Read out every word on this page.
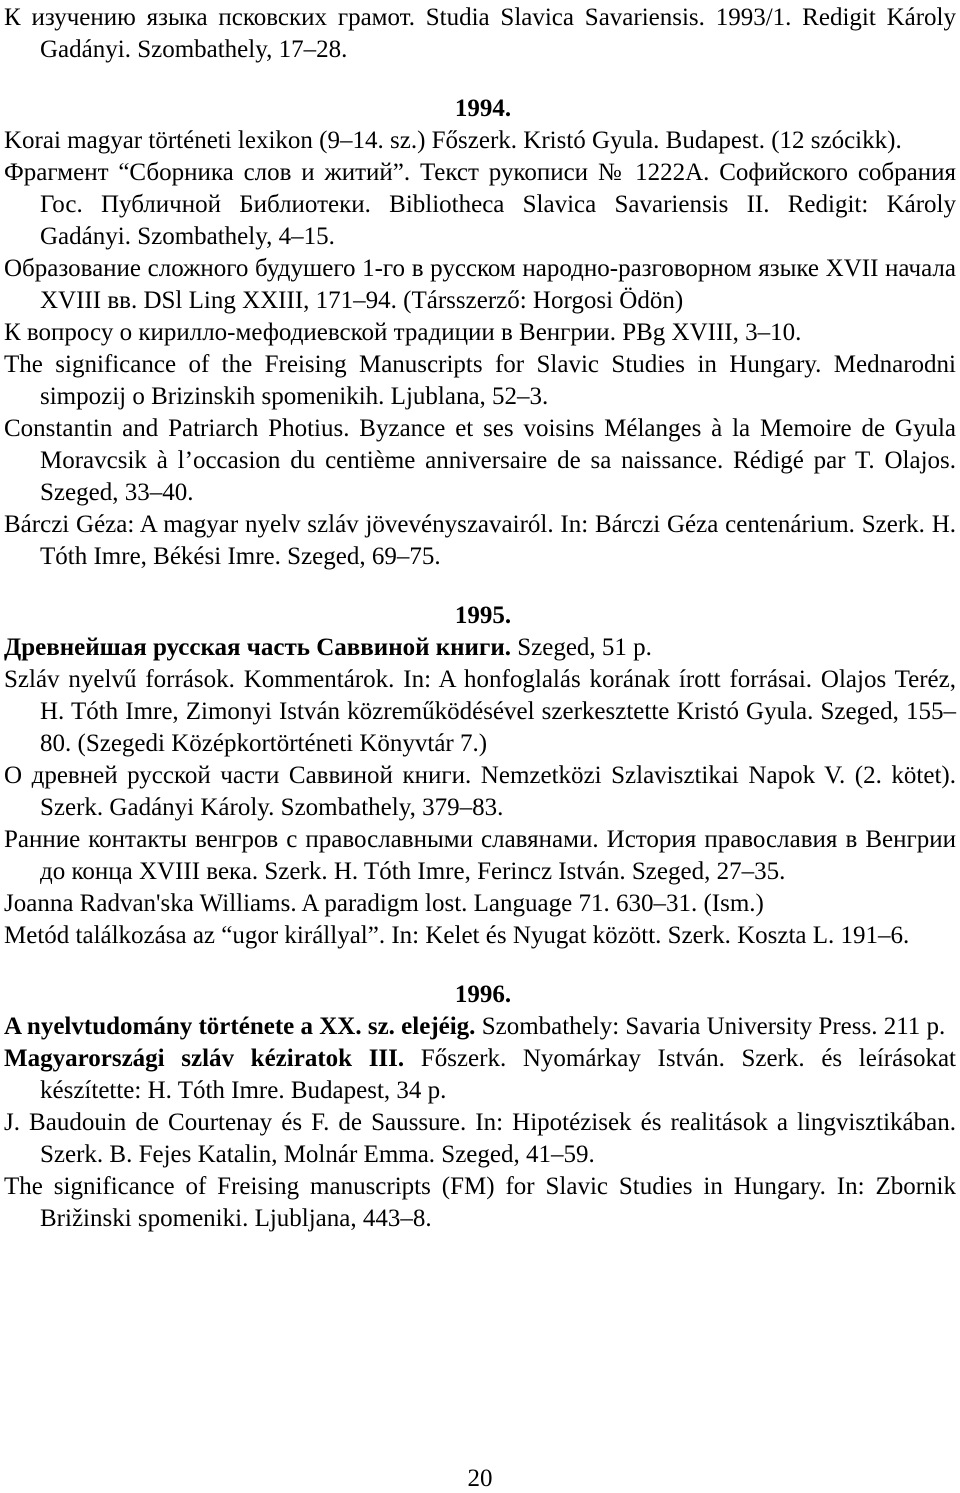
К изучению языка псковских грамот. Studia Slavica Savariensis. 1993/1. Redigit Károly Gadányi. Szombathely, 17–28.

1994.

Korai magyar történeti lexikon (9–14. sz.) Főszerk. Kristó Gyula. Budapest. (12 szócikk).

Фрагмент “Сборника слов и житий”. Текст рукописи № 1222A. Софийского собрания Гос. Публичной Библиотеки. Bibliotheca Slavica Savariensis II. Redigit: Károly Gadányi. Szombathely, 4–15.

Образование сложного будушего 1-го в русском народно-разговорном языке XVII начала XVIII вв. DSl Ling XXIII, 171–94. (Társszerző: Horgosi Ödön)

К вопросу о кирилло-мефодиевской традиции в Венгрии. PBg XVIII, 3–10.

The significance of the Freising Manuscripts for Slavic Studies in Hungary. Mednarodni simpozij o Brizinskih spomenikih. Ljublana, 52–3.

Constantin and Patriarch Photius. Byzance et ses voisins Mélanges à la Memoire de Gyula Moravcsik à l’occasion du centième anniversaire de sa naissance. Rédigé par T. Olajos. Szeged, 33–40.

Bárczi Géza: A magyar nyelv szláv jövevényszavairól. In: Bárczi Géza centenárium. Szerk. H. Tóth Imre, Békési Imre. Szeged, 69–75.

1995.

Древнейшая русская часть Саввиной книги. Szeged, 51 p.

Szláv nyelvű források. Kommentárok. In: A honfoglalás korának írott forrásai. Olajos Teréz, H. Tóth Imre, Zimonyi István közreműködésével szerkesztette Kristó Gyula. Szeged, 155–80. (Szegedi Középkortörténeti Könyvtár 7.)

О древней русской части Саввиной книги. Nemzetközi Szlavisztikai Napok V. (2. kötet). Szerk. Gadányi Károly. Szombathely, 379–83.

Ранние контакты венгров с православными славянами. История православия в Венгрии до конца XVIII века. Szerk. H. Tóth Imre, Ferincz István. Szeged, 27–35.

Joanna Radvan'ska Williams. A paradigm lost. Language 71. 630–31. (Ism.)

Metód találkozása az “ugor királlyal”. In: Kelet és Nyugat között. Szerk. Koszta L. 191–6.

1996.

A nyelvtudomány története a XX. sz. elejéig. Szombathely: Savaria University Press. 211 p.

Magyarországi szláv kéziratok III. Főszerk. Nyomárkay István. Szerk. és leírásokat készítette: H. Tóth Imre. Budapest, 34 p.

J. Baudouin de Courtenay és F. de Saussure. In: Hipotézisek és realitások a lingvisztikában. Szerk. B. Fejes Katalin, Molnár Emma. Szeged, 41–59.

The significance of Freising manuscripts (FM) for Slavic Studies in Hungary. In: Zbornik Brižinski spomeniki. Ljubljana, 443–8.

20
